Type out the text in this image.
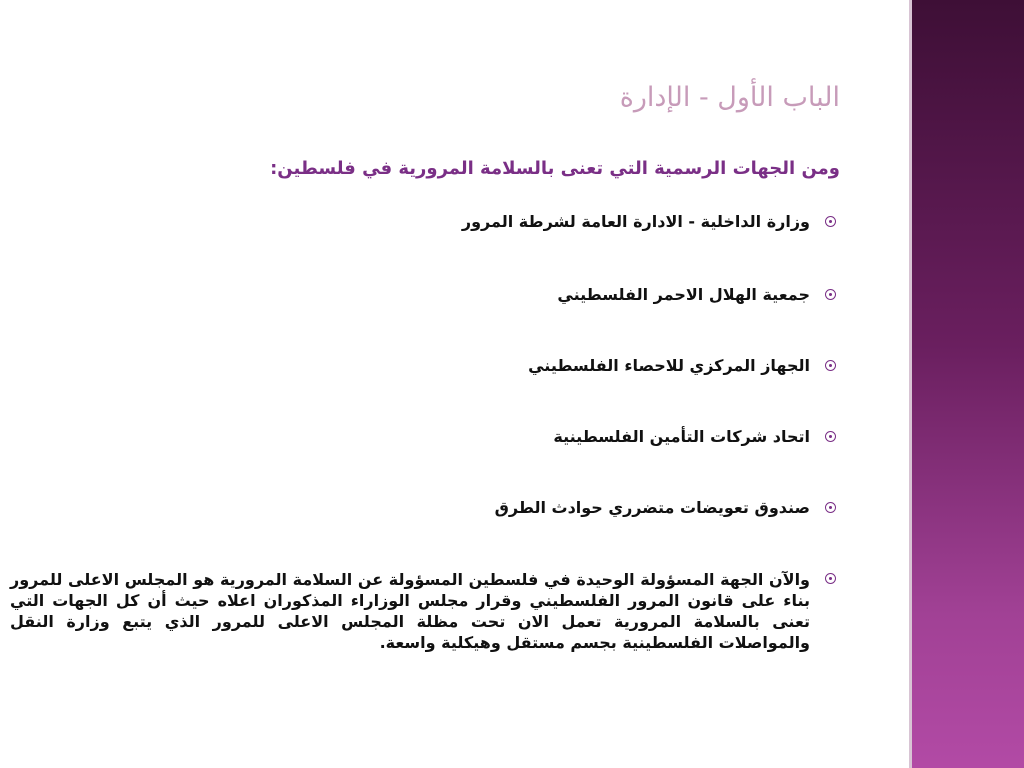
الباب الأول - الإدارة
ومن الجهات الرسمية التي تعنى بالسلامة المرورية في فلسطين:
وزارة الداخلية - الادارة العامة لشرطة المرور
جمعية الهلال الاحمر الفلسطيني
الجهاز المركزي للاحصاء الفلسطيني
اتحاد شركات التأمين الفلسطينية
صندوق تعويضات متضرري حوادث الطرق
والآن الجهة المسؤولة الوحيدة في فلسطين المسؤولة عن السلامة المرورية هو المجلس الاعلى للمرور بناء على قانون المرور الفلسطيني وقرار مجلس الوزاراء المذكوران اعلاه حيث أن كل الجهات التي تعنى بالسلامة المرورية تعمل الان تحت مظلة المجلس الاعلى للمرور الذي يتبع وزارة النقل والمواصلات الفلسطينية بجسم مستقل وهيكلية واسعة.
